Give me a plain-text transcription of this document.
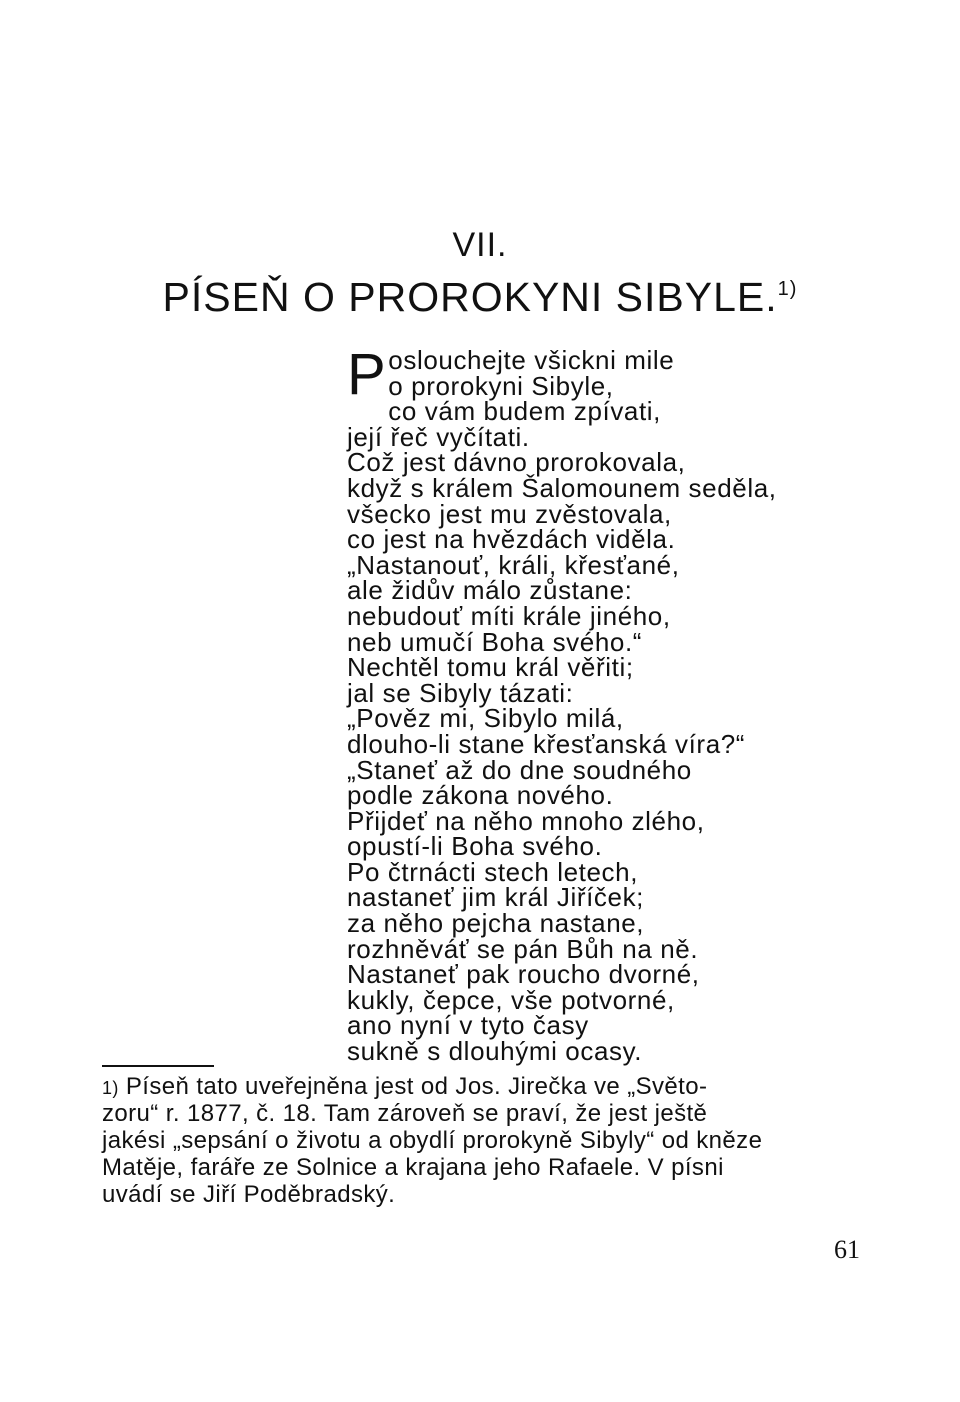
VII.
PÍSEŇ O PROROKYNI SIBYLE.$^{1)}$
Poslouchejte všickni mile
o prorokyni Sibyle,
co vám budem zpívati,
její řeč vyčítati.
Což jest dávno prorokovala,
když s králem Šalomounem seděla,
všecko jest mu zvěstovala,
co jest na hvězdách viděla.
„Nastanouť, králi, křesťané,
ale židův málo zůstane:
nebudouť míti krále jiného,
neb umučí Boha svého.“
Nechtěl tomu král věřiti;
jal se Sibyly tázati:
„Pověz mi, Sibylo milá,
dlouho-li stane křesťanská víra?“
„Staneť až do dne soudného
podle zákona nového.
Přijdeť na něho mnoho zlého,
opustí-li Boha svého.
Po čtrnácti stech letech,
nastaneť jim král Jiříček;
za něho pejcha nastane,
rozhněváť se pán Bůh na ně.
Nastaneť pak roucho dvorné,
kukly, čepce, vše potvorné,
ano nyní v tyto časy
sukně s dlouhými ocasy.
$^{1)}$ Píseň tato uveřejněna jest od Jos. Jirečka ve „Světo-
zoru“ r. 1877, č. 18. Tam zároveň se praví, že jest ještě
jakési „sepsání o životu a obydlí prorokyně Sibyly“ od kněze
Matěje, faráře ze Solnice a krajana jeho Rafaele. V písni
uvádí se Jiří Poděbradský.
61
